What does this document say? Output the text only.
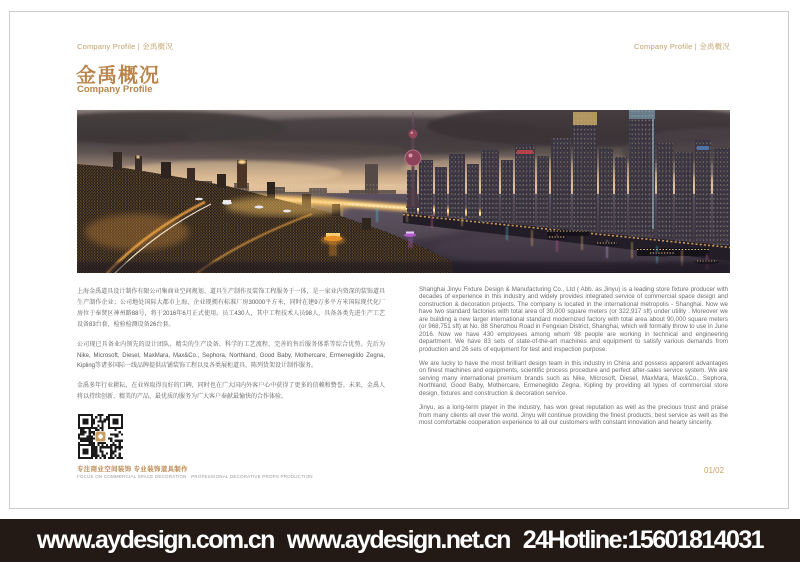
Company Profile | 金禹概况	Company Profile | 金禹概况
金禹概况
Company Profile

上海金禹道具设计制作有限公司集商业空间规划、道具生产制作及装饰工程服务于一体，是一家业内资深的装饰道具生产制作企业；公司地处国际大都市上海，企业现拥有标准厂房30000平方米，同时在建9万多平方米国际现代化厂房位于奉贤区神州路88号，将于2016年6月正式使用。员工430人，其中工程技术人员98人，具备各类先进生产工艺设备83台套，检验检测设备26台套。

公司现已具备业内领先的设计团队、精尖的生产设备、科学的工艺流程、完善的售后服务体系等综合优势。先后为Nike, Microsoft, Diesel, MaxMara, Max&Co., Sephora, Northland, Good Baby, Mothercare, Ermenegildo Zegna, Kipling等诸多国际一线品牌提供店铺装饰工程以及各类展柜道具、陈列货架设计制作服务。

金禹多年行业耕耘，在业界取得良好的口碑，同时也在广大国内外客户心中获得了更多的信赖和赞誉。未来，金禹人将以持续创新、精美的产品、最优质的服务为广大客户奉献最愉快的合作体验。

Shanghai Jinyu Fixture Design & Manufacturing Co., Ltd ( Abb. as Jinyu) is a leading store fixture producer with decades of experience in this industry and widely provides integrated service of commercial space design and construction & decoration projects. The company is located in the international metropolis - Shanghai. Now we have two standard factories with total area of 30,000 square meters (or 322,917 sft) under utility . Moreover we are building a new larger international standard modernized factory with total area about 90,000 square meters (or 968,751 sft) at No. 88 Shenzhou Road in Fengxian District, Shanghai, which will formally throw to use in June 2016. Now we have 430 employees among whom 98 people are working in technical and engineering department. We have 83 sets of state-of-the-art machines and equipment to satisfy various demands from production and 26 sets of equipment for test and inspection purpose.

We are lucky to have the most brilliant design team in this industry in China and possess apparent advantages on finest machines and equipments, scientific process procedure and perfect after-sales service system. We are serving many international premium brands such as Nike, Microsoft, Diesel, MaxMara, Max&Co., Sephora, Northland, Good Baby, Mothercare, Ermenegildo Zegna, Kipling by providing all types of commercial store design, fixtures and construction & decoration service.

Jinyu, as a long-term player in the industry, has won great reputation as well as the precious trust and praise from many clients all over the world. Jinyu will continue providing the finest products, best service as well as the most comfortable cooperation experience to all our customers with constant innovation and hearty sincerity.

专注商业空间装饰 专业装饰道具制作
FOCUS ON COMMERCIAL SPACE DECORATION · PROFESSIONAL DECORATIVE PROPS PRODUCTION
01/02
www.aydesign.com.cn www.aydesign.net.cn 24Hotline:15601814031
